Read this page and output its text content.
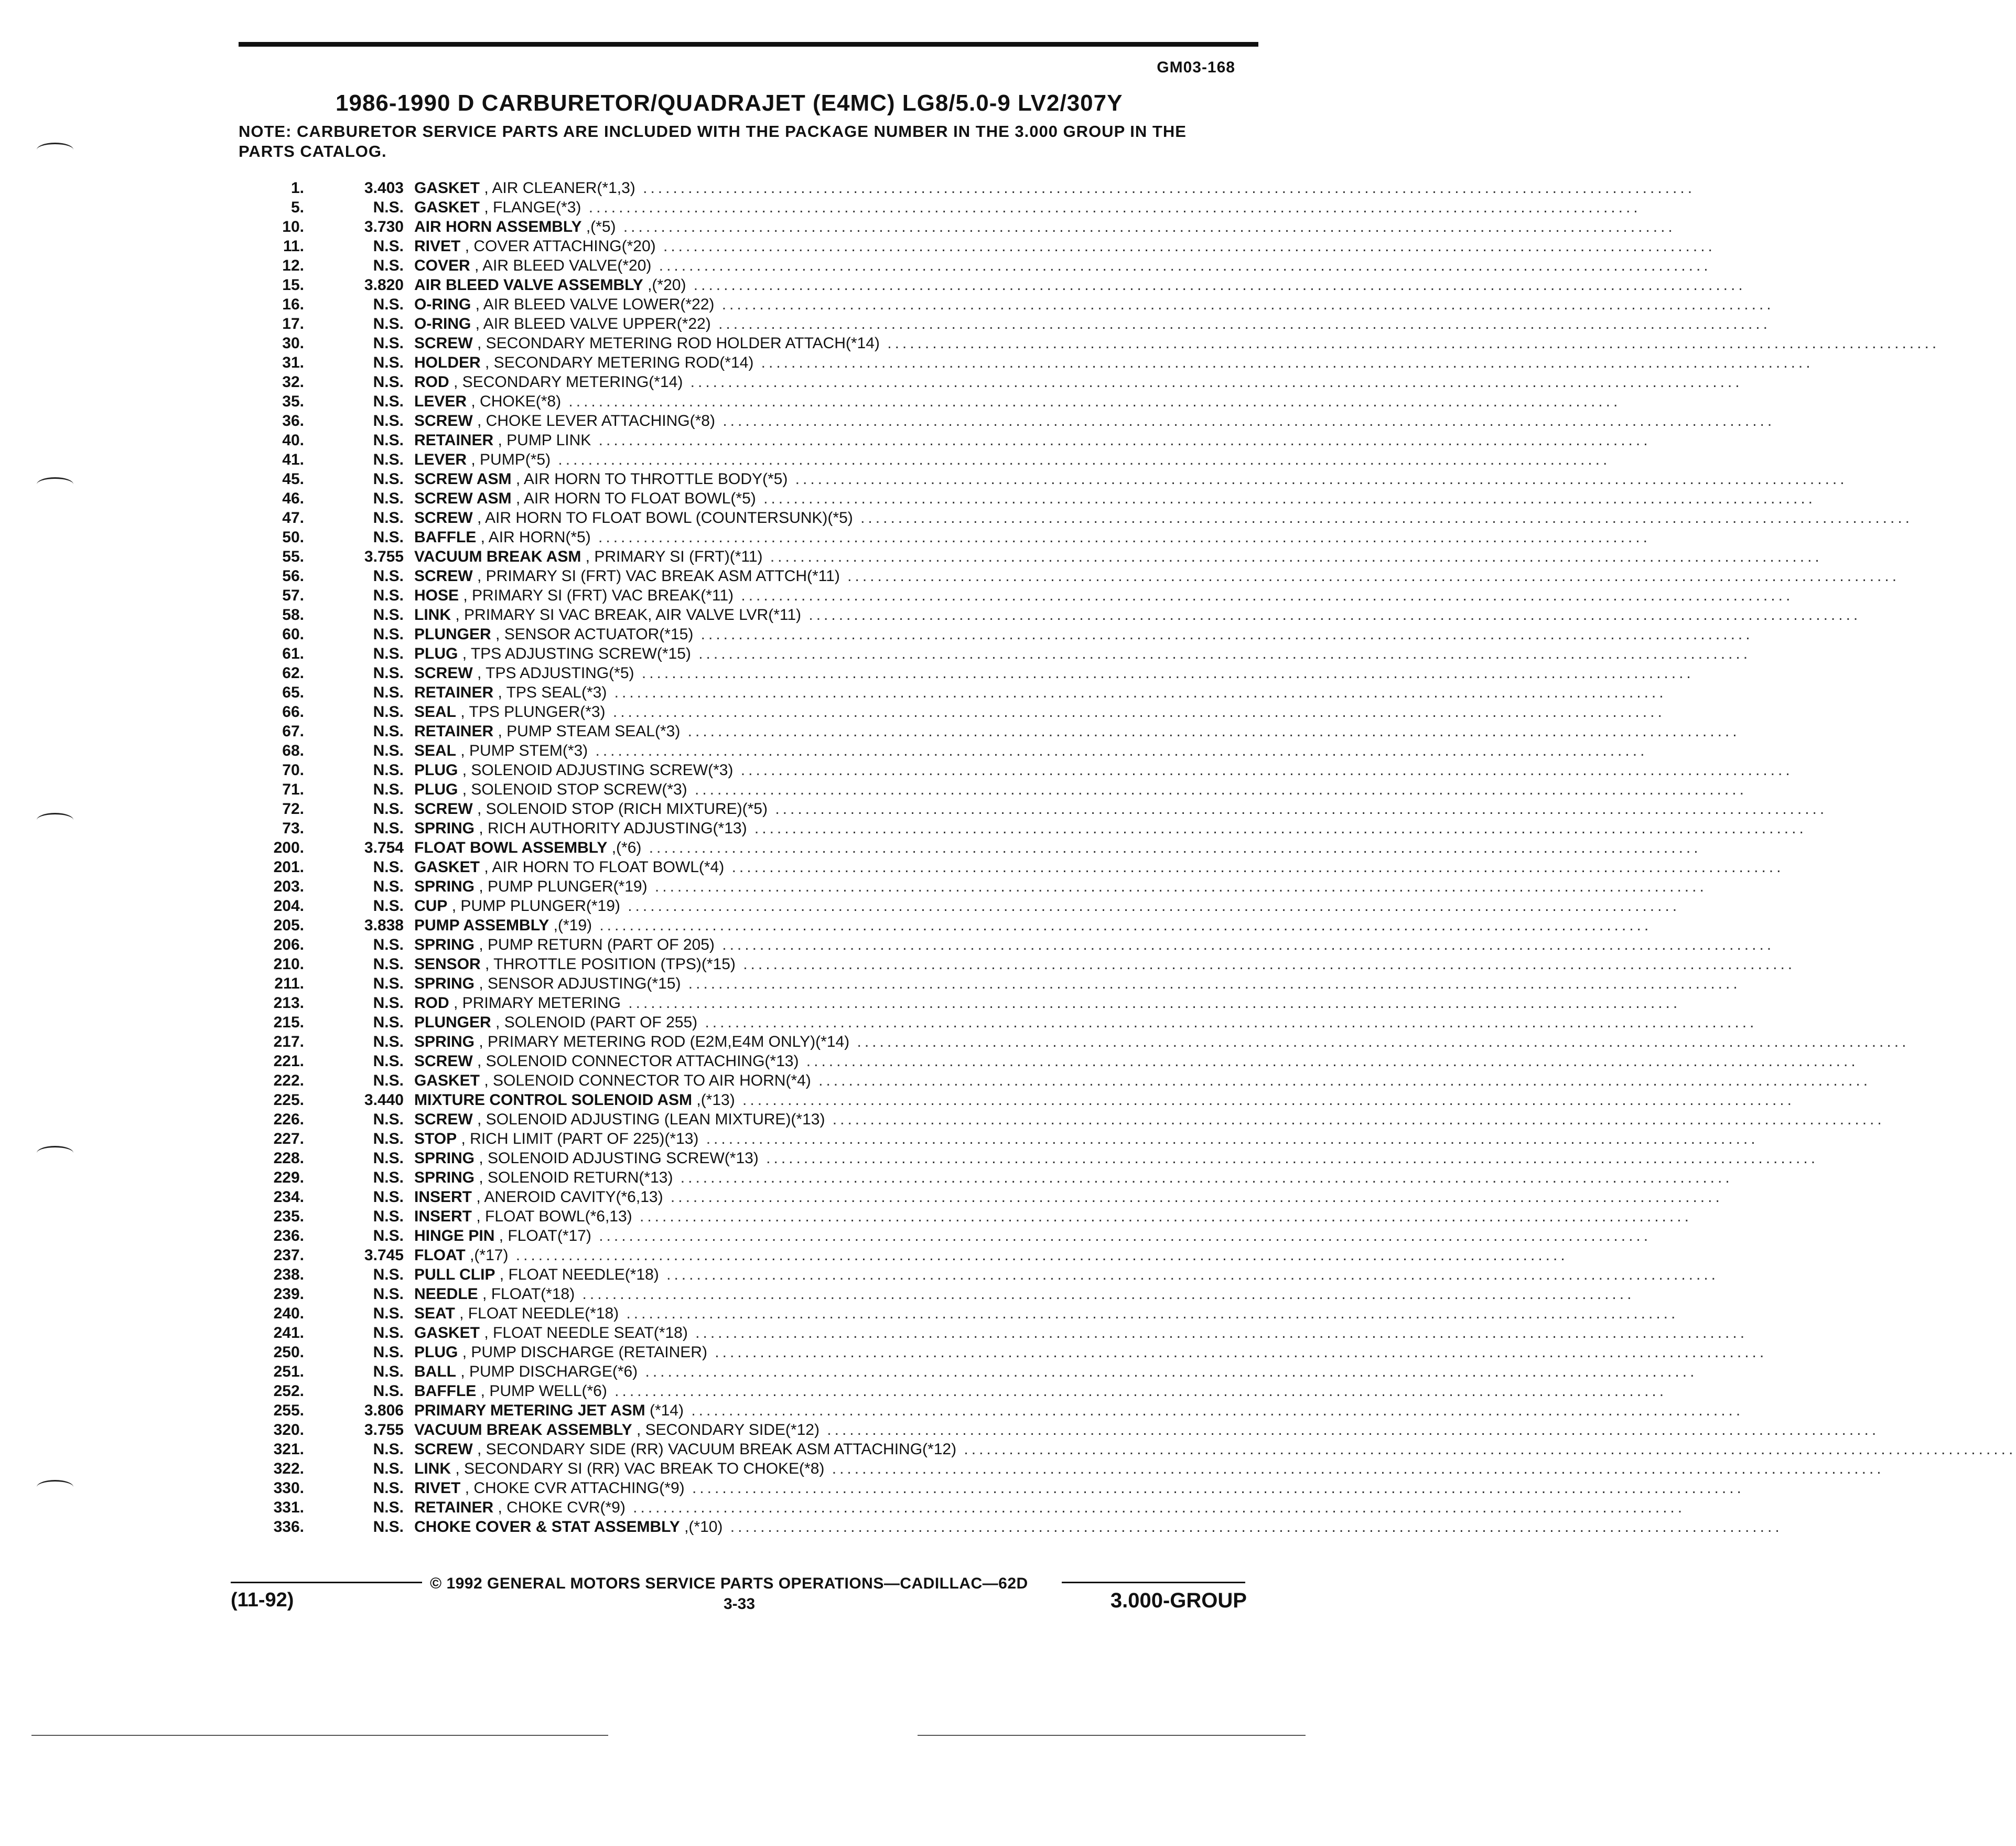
GM03-168
1986-1990 D CARBURETOR/QUADRAJET (E4MC) LG8/5.0-9 LV2/307Y
NOTE: CARBURETOR SERVICE PARTS ARE INCLUDED WITH THE PACKAGE NUMBER IN THE 3.000 GROUP IN THE PARTS CATALOG.
1.	3.403 GASKET , AIR CLEANER(*1,3) ............................................................................................................................................
5.	N.S. GASKET , FLANGE(*3) ............................................................................................................................................
10.	3.730 AIR HORN ASSEMBLY ,(*5) ............................................................................................................................................
11.	N.S. RIVET , COVER ATTACHING(*20) ............................................................................................................................................
12.	N.S. COVER , AIR BLEED VALVE(*20) ............................................................................................................................................
15.	3.820 AIR BLEED VALVE ASSEMBLY ,(*20) ............................................................................................................................................
16.	N.S. O-RING , AIR BLEED VALVE LOWER(*22) ............................................................................................................................................
17.	N.S. O-RING , AIR BLEED VALVE UPPER(*22) ............................................................................................................................................
30.	N.S. SCREW , SECONDARY METERING ROD HOLDER ATTACH(*14) ............................................................................................................................................
31.	N.S. HOLDER , SECONDARY METERING ROD(*14) ............................................................................................................................................
32.	N.S. ROD , SECONDARY METERING(*14) ............................................................................................................................................
35.	N.S. LEVER , CHOKE(*8) ............................................................................................................................................
36.	N.S. SCREW , CHOKE LEVER ATTACHING(*8) ............................................................................................................................................
40.	N.S. RETAINER , PUMP LINK ............................................................................................................................................
41.	N.S. LEVER , PUMP(*5) ............................................................................................................................................
45.	N.S. SCREW ASM , AIR HORN TO THROTTLE BODY(*5) ............................................................................................................................................
46.	N.S. SCREW ASM , AIR HORN TO FLOAT BOWL(*5) ............................................................................................................................................
47.	N.S. SCREW , AIR HORN TO FLOAT BOWL (COUNTERSUNK)(*5) ............................................................................................................................................
50.	N.S. BAFFLE , AIR HORN(*5) ............................................................................................................................................
55.	3.755 VACUUM BREAK ASM , PRIMARY SI (FRT)(*11) ............................................................................................................................................
56.	N.S. SCREW , PRIMARY SI (FRT) VAC BREAK ASM ATTCH(*11) ............................................................................................................................................
57.	N.S. HOSE , PRIMARY SI (FRT) VAC BREAK(*11) ............................................................................................................................................
58.	N.S. LINK , PRIMARY SI VAC BREAK, AIR VALVE LVR(*11) ............................................................................................................................................
60.	N.S. PLUNGER , SENSOR ACTUATOR(*15) ............................................................................................................................................
61.	N.S. PLUG , TPS ADJUSTING SCREW(*15) ............................................................................................................................................
62.	N.S. SCREW , TPS ADJUSTING(*5) ............................................................................................................................................
65.	N.S. RETAINER , TPS SEAL(*3) ............................................................................................................................................
66.	N.S. SEAL , TPS PLUNGER(*3) ............................................................................................................................................
67.	N.S. RETAINER , PUMP STEAM SEAL(*3) ............................................................................................................................................
68.	N.S. SEAL , PUMP STEM(*3) ............................................................................................................................................
70.	N.S. PLUG , SOLENOID ADJUSTING SCREW(*3) ............................................................................................................................................
71.	N.S. PLUG , SOLENOID STOP SCREW(*3) ............................................................................................................................................
72.	N.S. SCREW , SOLENOID STOP (RICH MIXTURE)(*5) ............................................................................................................................................
73.	N.S. SPRING , RICH AUTHORITY ADJUSTING(*13) ............................................................................................................................................
200.	3.754 FLOAT BOWL ASSEMBLY ,(*6) ............................................................................................................................................
201.	N.S. GASKET , AIR HORN TO FLOAT BOWL(*4) ............................................................................................................................................
203.	N.S. SPRING , PUMP PLUNGER(*19) ............................................................................................................................................
204.	N.S. CUP , PUMP PLUNGER(*19) ............................................................................................................................................
205.	3.838 PUMP ASSEMBLY ,(*19) ............................................................................................................................................
206.	N.S. SPRING , PUMP RETURN (PART OF 205) ............................................................................................................................................
210.	N.S. SENSOR , THROTTLE POSITION (TPS)(*15) ............................................................................................................................................
211.	N.S. SPRING , SENSOR ADJUSTING(*15) ............................................................................................................................................
213.	N.S. ROD , PRIMARY METERING ............................................................................................................................................
215.	N.S. PLUNGER , SOLENOID (PART OF 255) ............................................................................................................................................
217.	N.S. SPRING , PRIMARY METERING ROD (E2M,E4M ONLY)(*14) ............................................................................................................................................
221.	N.S. SCREW , SOLENOID CONNECTOR ATTACHING(*13) ............................................................................................................................................
222.	N.S. GASKET , SOLENOID CONNECTOR TO AIR HORN(*4) ............................................................................................................................................
225.	3.440 MIXTURE CONTROL SOLENOID ASM ,(*13) ............................................................................................................................................
226.	N.S. SCREW , SOLENOID ADJUSTING (LEAN MIXTURE)(*13) ............................................................................................................................................
227.	N.S. STOP , RICH LIMIT (PART OF 225)(*13) ............................................................................................................................................
228.	N.S. SPRING , SOLENOID ADJUSTING SCREW(*13) ............................................................................................................................................
229.	N.S. SPRING , SOLENOID RETURN(*13) ............................................................................................................................................
234.	N.S. INSERT , ANEROID CAVITY(*6,13) ............................................................................................................................................
235.	N.S. INSERT , FLOAT BOWL(*6,13) ............................................................................................................................................
236.	N.S. HINGE PIN , FLOAT(*17) ............................................................................................................................................
237.	3.745 FLOAT ,(*17) ............................................................................................................................................
238.	N.S. PULL CLIP , FLOAT NEEDLE(*18) ............................................................................................................................................
239.	N.S. NEEDLE , FLOAT(*18) ............................................................................................................................................
240.	N.S. SEAT , FLOAT NEEDLE(*18) ............................................................................................................................................
241.	N.S. GASKET , FLOAT NEEDLE SEAT(*18) ............................................................................................................................................
250.	N.S. PLUG , PUMP DISCHARGE (RETAINER) ............................................................................................................................................
251.	N.S. BALL , PUMP DISCHARGE(*6) ............................................................................................................................................
252.	N.S. BAFFLE , PUMP WELL(*6) ............................................................................................................................................
255.	3.806 PRIMARY METERING JET ASM (*14) ............................................................................................................................................
320.	3.755 VACUUM BREAK ASSEMBLY , SECONDARY SIDE(*12) ............................................................................................................................................
321.	N.S. SCREW , SECONDARY SIDE (RR) VACUUM BREAK ASM ATTACHING(*12) ............................................................................................................................................
322.	N.S. LINK , SECONDARY SI (RR) VAC BREAK TO CHOKE(*8) ............................................................................................................................................
330.	N.S. RIVET , CHOKE CVR ATTACHING(*9) ............................................................................................................................................
331.	N.S. RETAINER , CHOKE CVR(*9) ............................................................................................................................................
336.	N.S. CHOKE COVER & STAT ASSEMBLY ,(*10) ............................................................................................................................................
© 1992 GENERAL MOTORS SERVICE PARTS OPERATIONS—CADILLAC—62D
(11-92)	3-33	3.000-GROUP
